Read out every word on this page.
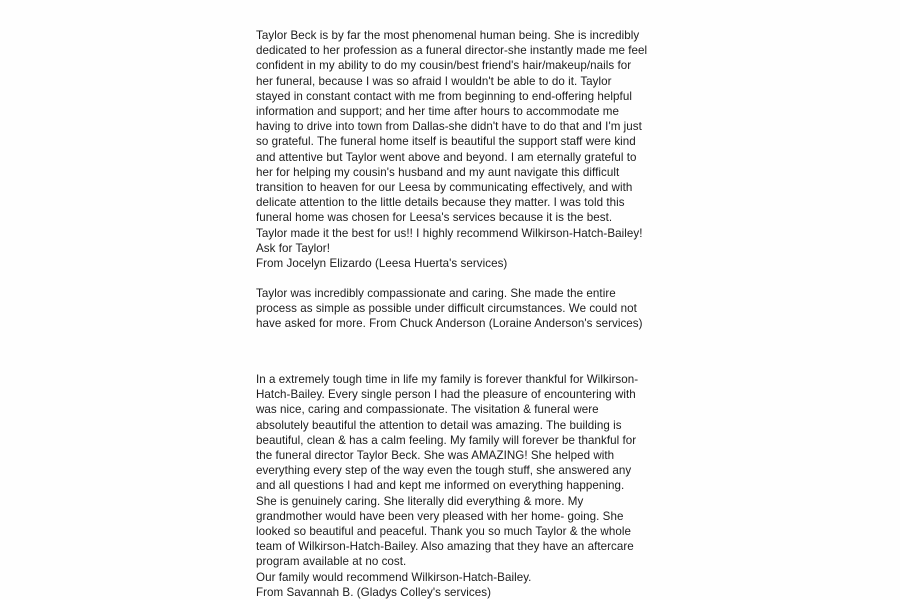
Taylor Beck is by far the most phenomenal human being. She is incredibly
dedicated to her profession as a funeral director-she instantly made me feel
confident in my ability to do my cousin/best friend's hair/makeup/nails for
her funeral, because I was so afraid I wouldn't be able to do it. Taylor
stayed in constant contact with me from beginning to end-offering helpful
information and support; and her time after hours to accommodate me
having to drive into town from Dallas-she didn't have to do that and I'm just
so grateful. The funeral home itself is beautiful the support staff were kind
and attentive but Taylor went above and beyond. I am eternally grateful to
her for helping my cousin's husband and my aunt navigate this difficult
transition to heaven for our Leesa by communicating effectively, and with
delicate attention to the little details because they matter. I was told this
funeral home was chosen for Leesa's services because it is the best.
Taylor made it the best for us!! I highly recommend Wilkirson-Hatch-Bailey!
Ask for Taylor!
From Jocelyn Elizardo (Leesa Huerta's services)
Taylor was incredibly compassionate and caring. She made the entire
process as simple as possible under difficult circumstances. We could not
have asked for more. From Chuck Anderson (Loraine Anderson's services)
In a extremely tough time in life my family is forever thankful for Wilkirson-
Hatch-Bailey. Every single person I had the pleasure of encountering with
was nice, caring and compassionate. The visitation & funeral were
absolutely beautiful the attention to detail was amazing. The building is
beautiful, clean & has a calm feeling. My family will forever be thankful for
the funeral director Taylor Beck. She was AMAZING! She helped with
everything every step of the way even the tough stuff, she answered any
and all questions I had and kept me informed on everything happening.
She is genuinely caring. She literally did everything & more. My
grandmother would have been very pleased with her home- going. She
looked so beautiful and peaceful. Thank you so much Taylor & the whole
team of Wilkirson-Hatch-Bailey. Also amazing that they have an aftercare
program available at no cost.
Our family would recommend Wilkirson-Hatch-Bailey.
From Savannah B. (Gladys Colley's services)
